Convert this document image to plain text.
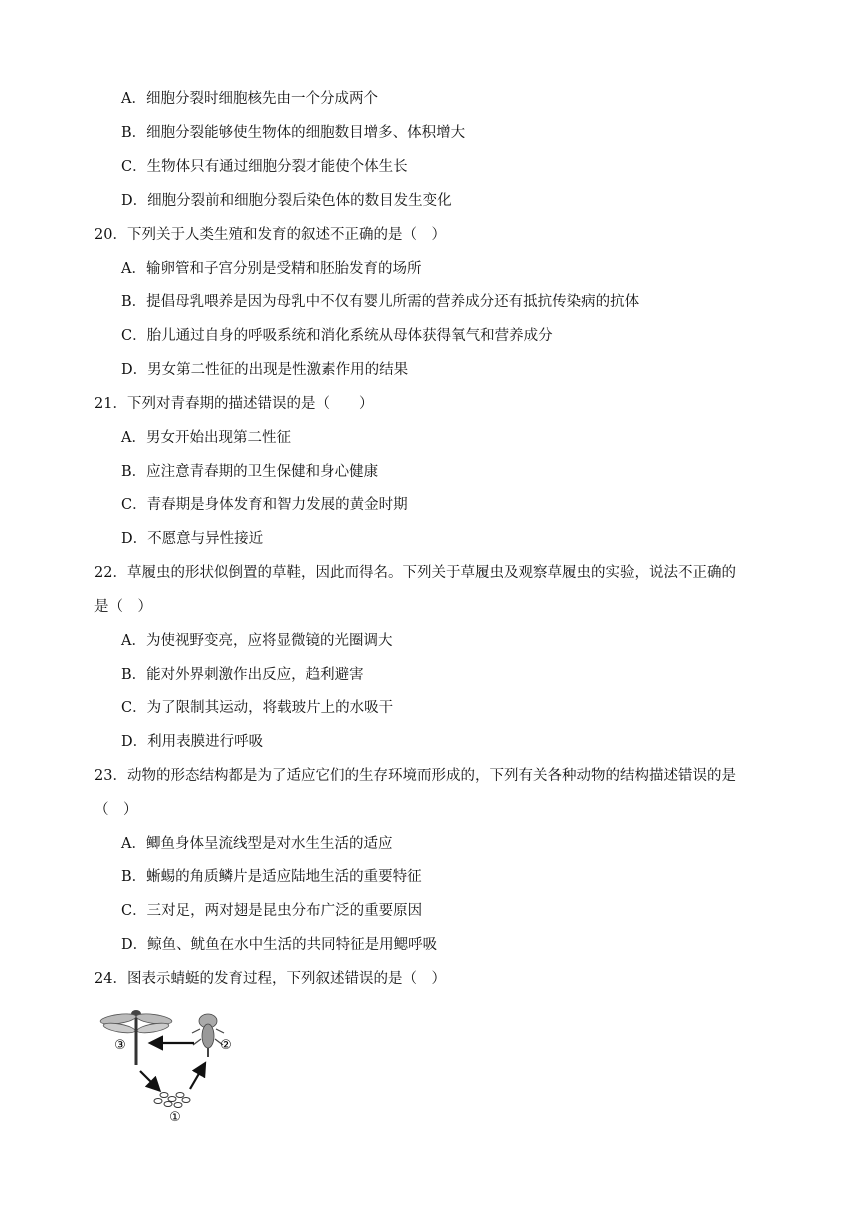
A．细胞分裂时细胞核先由一个分成两个
B．细胞分裂能够使生物体的细胞数目增多、体积增大
C．生物体只有通过细胞分裂才能使个体生长
D．细胞分裂前和细胞分裂后染色体的数目发生变化
20．下列关于人类生殖和发育的叙述不正确的是（　）
A．输卵管和子宫分别是受精和胚胎发育的场所
B．提倡母乳喂养是因为母乳中不仅有婴儿所需的营养成分还有抵抗传染病的抗体
C．胎儿通过自身的呼吸系统和消化系统从母体获得氧气和营养成分
D．男女第二性征的出现是性激素作用的结果
21．下列对青春期的描述错误的是（　　）
A．男女开始出现第二性征
B．应注意青春期的卫生保健和身心健康
C．青春期是身体发育和智力发展的黄金时期
D．不愿意与异性接近
22．草履虫的形状似倒置的草鞋，因此而得名。下列关于草履虫及观察草履虫的实验，说法不正确的
是（　）
A．为使视野变亮，应将显微镜的光圈调大
B．能对外界刺激作出反应，趋利避害
C．为了限制其运动，将载玻片上的水吸干
D．利用表膜进行呼吸
23．动物的形态结构都是为了适应它们的生存环境而形成的，下列有关各种动物的结构描述错误的是
（　）
A．鲫鱼身体呈流线型是对水生生活的适应
B．蜥蜴的角质鳞片是适应陆地生活的重要特征
C．三对足，两对翅是昆虫分布广泛的重要原因
D．鲸鱼、鱿鱼在水中生活的共同特征是用鳃呼吸
24．图表示蜻蜓的发育过程，下列叙述错误的是（　）
③	②
①
